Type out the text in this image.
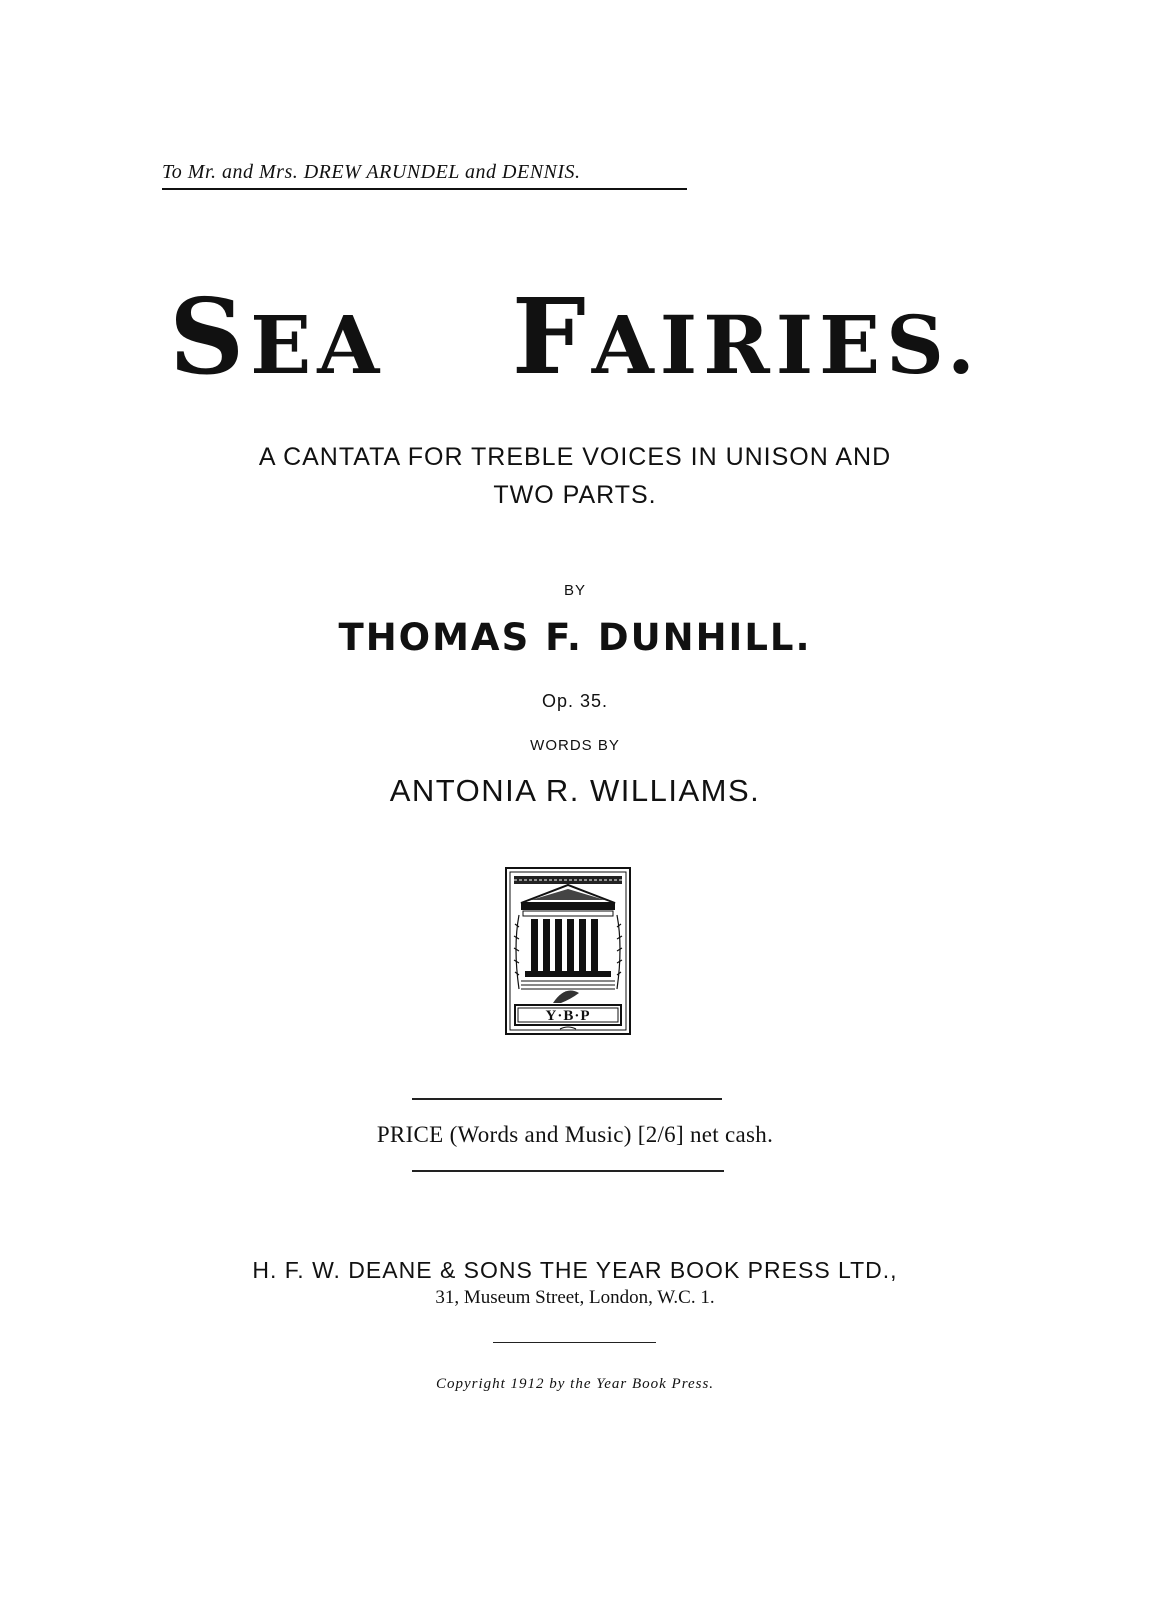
To Mr. and Mrs. DREW ARUNDEL and DENNIS.
SEA FAIRIES.
A CANTATA FOR TREBLE VOICES IN UNISON AND
TWO PARTS.
BY
THOMAS F. DUNHILL.
Op. 35.
WORDS BY
ANTONIA R. WILLIAMS.
Y·B·P
PRICE (Words and Music) [2/6] net cash.
H. F. W. DEANE & SONS THE YEAR BOOK PRESS LTD.,
31, Museum Street, London, W.C. 1.
Copyright 1912 by the Year Book Press.
